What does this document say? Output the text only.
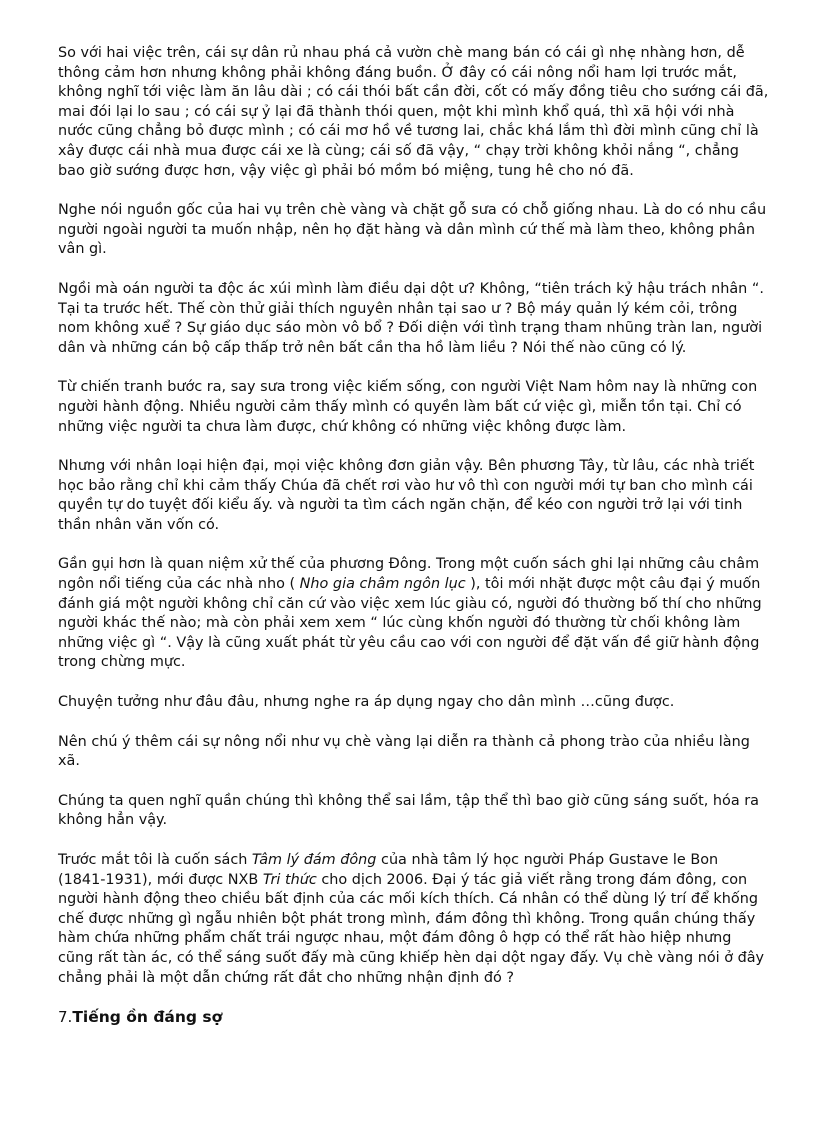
So với hai việc trên, cái sự dân rủ nhau phá cả vườn chè mang bán có cái gì nhẹ nhàng hơn, dễ thông cảm hơn nhưng không phải không đáng buồn. Ở đây có cái nông nổi ham lợi trước mắt, không nghĩ tới việc làm ăn lâu dài ; có cái thói bất cần đời, cốt có mấy đồng tiêu cho sướng cái đã, mai đói lại lo sau ; có cái sự ỷ lại đã thành thói quen, một khi mình khổ quá, thì xã hội với nhà nước cũng chẳng bỏ được mình ; có cái mơ hồ về tương lai, chắc khá lắm thì đời mình cũng chỉ là xây được cái nhà mua được cái xe là cùng; cái số đã vậy, “ chạy trời không khỏi nắng “, chẳng bao giờ sướng được hơn, vậy việc gì phải bó mồm bó miệng, tung hê cho nó đã.

Nghe nói nguồn gốc của hai vụ trên chè vàng và chặt gỗ sưa có chỗ giống nhau. Là do có nhu cầu người ngoài người ta muốn nhập, nên họ đặt hàng và dân mình cứ thế mà làm theo, không phân vân gì.

Ngồi mà oán người ta độc ác xúi mình làm điều dại dột ư? Không, “tiên trách kỷ hậu trách nhân “. Tại ta trước hết. Thế còn thử giải thích nguyên nhân tại sao ư ? Bộ máy quản lý kém cỏi, trông nom không xuể ? Sự giáo dục sáo mòn vô bổ ? Đối diện với tình trạng tham nhũng tràn lan, người dân và những cán bộ cấp thấp trở nên bất cần tha hồ làm liều ? Nói thế nào cũng có lý.

Từ chiến tranh bước ra, say sưa trong việc kiếm sống, con người Việt Nam hôm nay là những con người hành động. Nhiều người cảm thấy mình có quyền làm bất cứ việc gì, miễn tồn tại. Chỉ có những việc người ta chưa làm được, chứ không có những việc không được làm.

Nhưng với nhân loại hiện đại, mọi việc không đơn giản vậy. Bên phương Tây, từ lâu, các nhà triết học bảo rằng chỉ khi cảm thấy Chúa đã chết rơi vào hư vô thì con người mới tự ban cho mình cái quyền tự do tuyệt đối kiểu ấy. và người ta tìm cách ngăn chặn, để kéo con người trở lại với tinh thần nhân văn vốn có.

Gần gụi hơn là quan niệm xử thế của phương Đông. Trong một cuốn sách ghi lại những câu châm ngôn nổi tiếng của các nhà nho ( Nho gia châm ngôn lục ), tôi mới nhặt được một câu đại ý muốn đánh giá một người không chỉ căn cứ vào việc xem lúc giàu có, người đó thường bố thí cho những người khác thế nào; mà còn phải xem xem “ lúc cùng khốn người đó thường từ chối không làm những việc gì “. Vậy là cũng xuất phát từ yêu cầu cao với con người để đặt vấn đề giữ hành động trong chừng mực.

Chuyện tưởng như đâu đâu, nhưng nghe ra áp dụng ngay cho dân mình …cũng được.

Nên chú ý thêm cái sự nông nổi như vụ chè vàng lại diễn ra thành cả phong trào của nhiều làng xã.

Chúng ta quen nghĩ quần chúng thì không thể sai lầm, tập thể thì bao giờ cũng sáng suốt, hóa ra không hẳn vậy.

Trước mắt tôi là cuốn sách Tâm lý đám đông của nhà tâm lý học người Pháp Gustave le Bon (1841-1931), mới được NXB Tri thức cho dịch 2006. Đại ý tác giả viết rằng trong đám đông, con người hành động theo chiều bất định của các mối kích thích. Cá nhân có thể dùng lý trí để khống chế được những gì ngẫu nhiên bột phát trong mình, đám đông thì không. Trong quần chúng thấy hàm chứa những phẩm chất trái ngược nhau, một đám đông ô hợp có thể rất hào hiệp nhưng cũng rất tàn ác, có thể sáng suốt đấy mà cũng khiếp hèn dại dột ngay đấy. Vụ chè vàng nói ở đây chẳng phải là một dẫn chứng rất đắt cho những nhận định đó ?

7.Tiếng ồn đáng sợ
